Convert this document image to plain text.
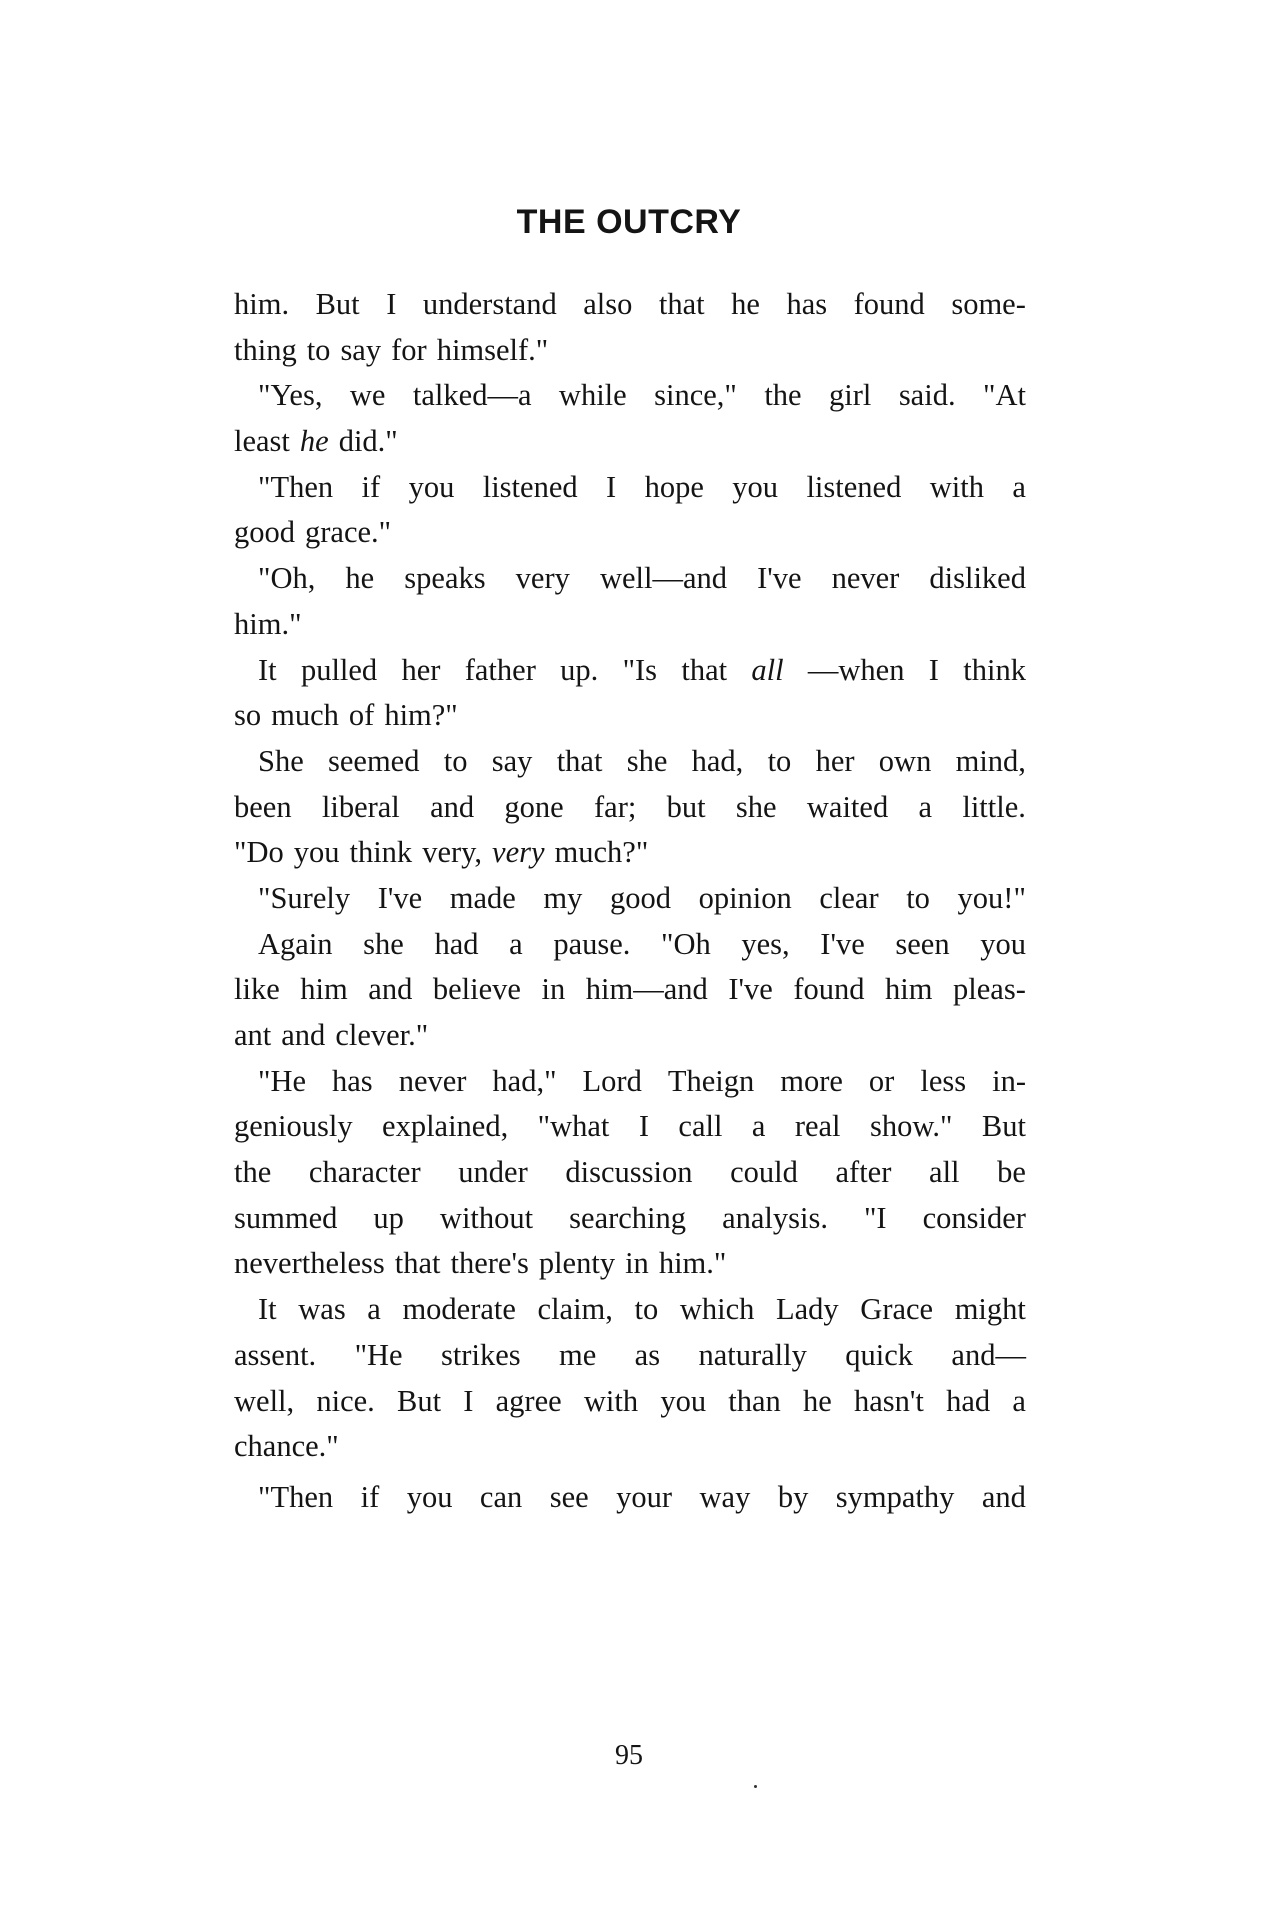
THE OUTCRY
him. But I understand also that he has found some-
thing to say for himself."
"Yes, we talked—a while since," the girl said. "At
least he did."
"Then if you listened I hope you listened with a
good grace."
"Oh, he speaks very well—and I've never disliked
him."
It pulled her father up. "Is that all —when I think
so much of him?"
She seemed to say that she had, to her own mind,
been liberal and gone far; but she waited a little.
"Do you think very, very much?"
"Surely I've made my good opinion clear to you!"
Again she had a pause. "Oh yes, I've seen you
like him and believe in him—and I've found him pleas-
ant and clever."
"He has never had," Lord Theign more or less in-
geniously explained, "what I call a real show." But
the character under discussion could after all be
summed up without searching analysis. "I consider
nevertheless that there's plenty in him."
It was a moderate claim, to which Lady Grace might
assent. "He strikes me as naturally quick and—
well, nice. But I agree with you than he hasn't had a
chance."
"Then if you can see your way by sympathy and
95
